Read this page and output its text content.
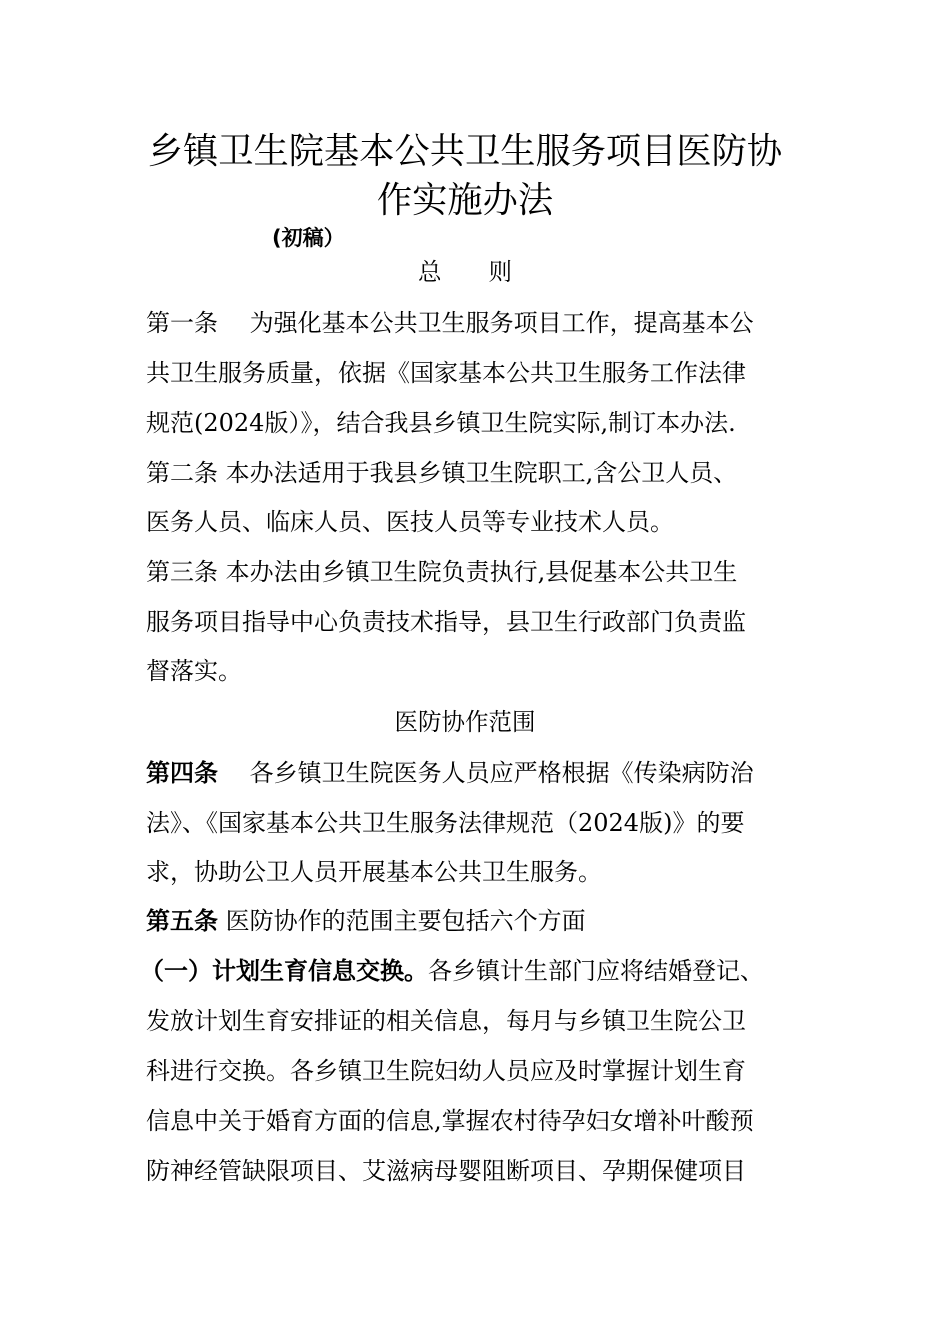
乡镇卫生院基本公共卫生服务项目医防协
作实施办法
(初稿）
总　　则
第一条　 为强化基本公共卫生服务项目工作，提高基本公
共卫生服务质量，依据《国家基本公共卫生服务工作法律
规范(2024版）》，结合我县乡镇卫生院实际,制订本办法.
第二条 本办法适用于我县乡镇卫生院职工,含公卫人员、
医务人员、临床人员、医技人员等专业技术人员。
第三条 本办法由乡镇卫生院负责执行,县促基本公共卫生
服务项目指导中心负责技术指导，县卫生行政部门负责监
督落实。
医防协作范围
第四条　 各乡镇卫生院医务人员应严格根据《传染病防治
法》、《国家基本公共卫生服务法律规范（2024版)》的要
求，协助公卫人员开展基本公共卫生服务。
第五条 医防协作的范围主要包括六个方面
（一）计划生育信息交换。各乡镇计生部门应将结婚登记、
发放计划生育安排证的相关信息，每月与乡镇卫生院公卫
科进行交换。各乡镇卫生院妇幼人员应及时掌握计划生育
信息中关于婚育方面的信息,掌握农村待孕妇女增补叶酸预
防神经管缺限项目、艾滋病母婴阻断项目、孕期保健项目
